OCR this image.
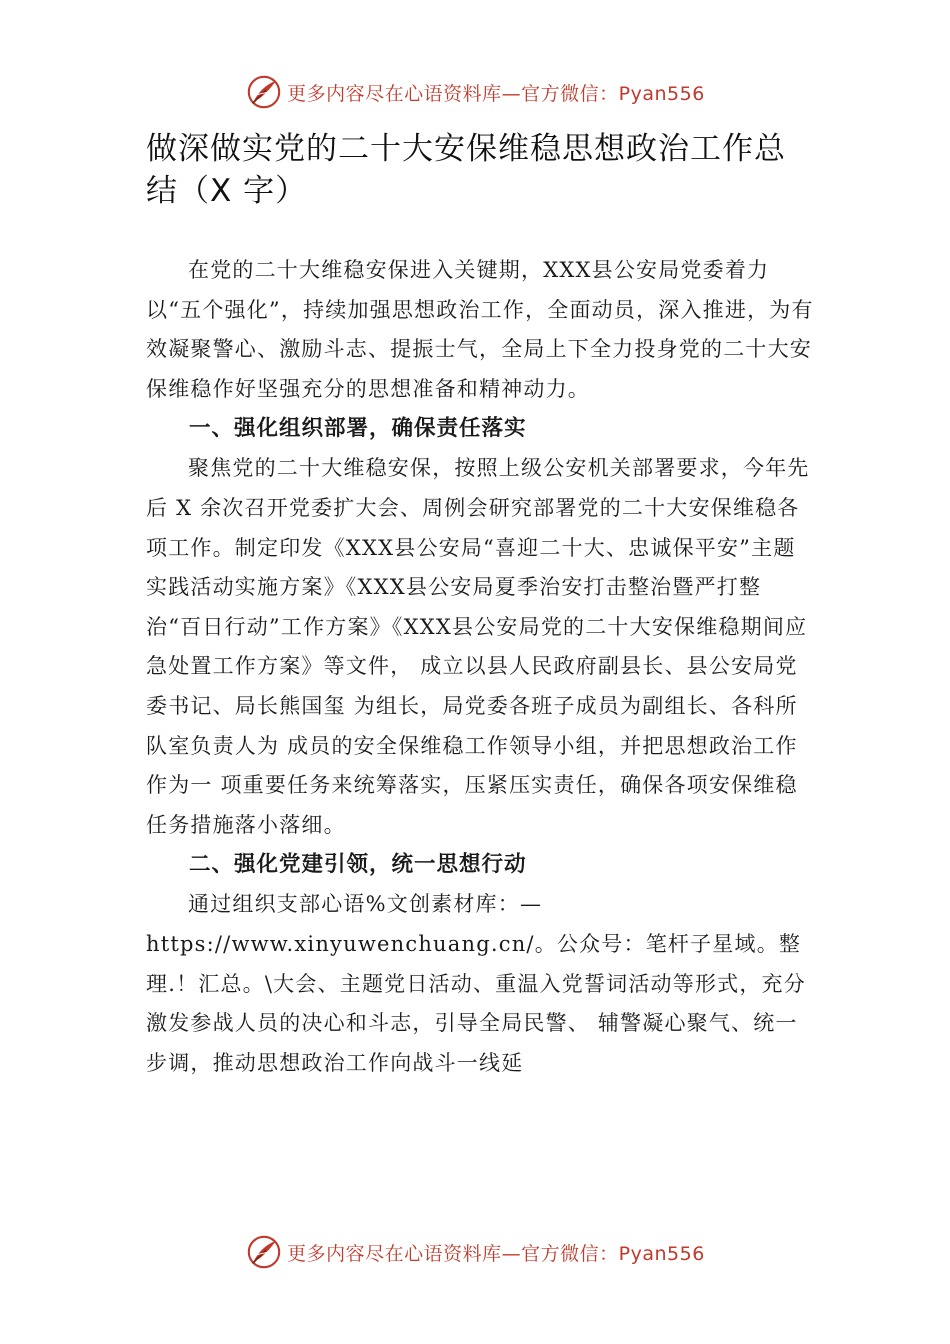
更多内容尽在心语资料库—官方微信：Pyan556
做深做实党的二十大安保维稳思想政治工作总结（X 字）

在党的二十大维稳安保进入关键期，XXX县公安局党委着力以“五个强化”，持续加强思想政治工作，全面动员，深入推进，为有效凝聚警心、激励斗志、提振士气，全局上下全力投身党的二十大安保维稳作好坚强充分的思想准备和精神动力。

一、强化组织部署，确保责任落实

聚焦党的二十大维稳安保，按照上级公安机关部署要求，今年先后 X 余次召开党委扩大会、周例会研究部署党的二十大安保维稳各项工作。制定印发《XXX县公安局“喜迎二十大、忠诚保平安”主题实践活动实施方案》《XXX县公安局夏季治安打击整治暨严打整治“百日行动”工作方案》《XXX县公安局党的二十大安保维稳期间应急处置工作方案》等文件， 成立以县人民政府副县长、县公安局党委书记、局长熊国玺 为组长，局党委各班子成员为副组长、各科所队室负责人为 成员的安全保维稳工作领导小组，并把思想政治工作作为一 项重要任务来统筹落实，压紧压实责任，确保各项安保维稳 任务措施落小落细。

二、强化党建引领，统一思想行动

通过组织支部心语%文创素材库：—https://www.xinyuwenchuang.cn/。公众号：笔杆子星域。整理.！汇总。\大会、主题党日活动、重温入党誓词活动等形式，充分激发参战人员的决心和斗志，引导全局民警、 辅警凝心聚气、统一步调，推动思想政治工作向战斗一线延

更多内容尽在心语资料库—官方微信：Pyan556
